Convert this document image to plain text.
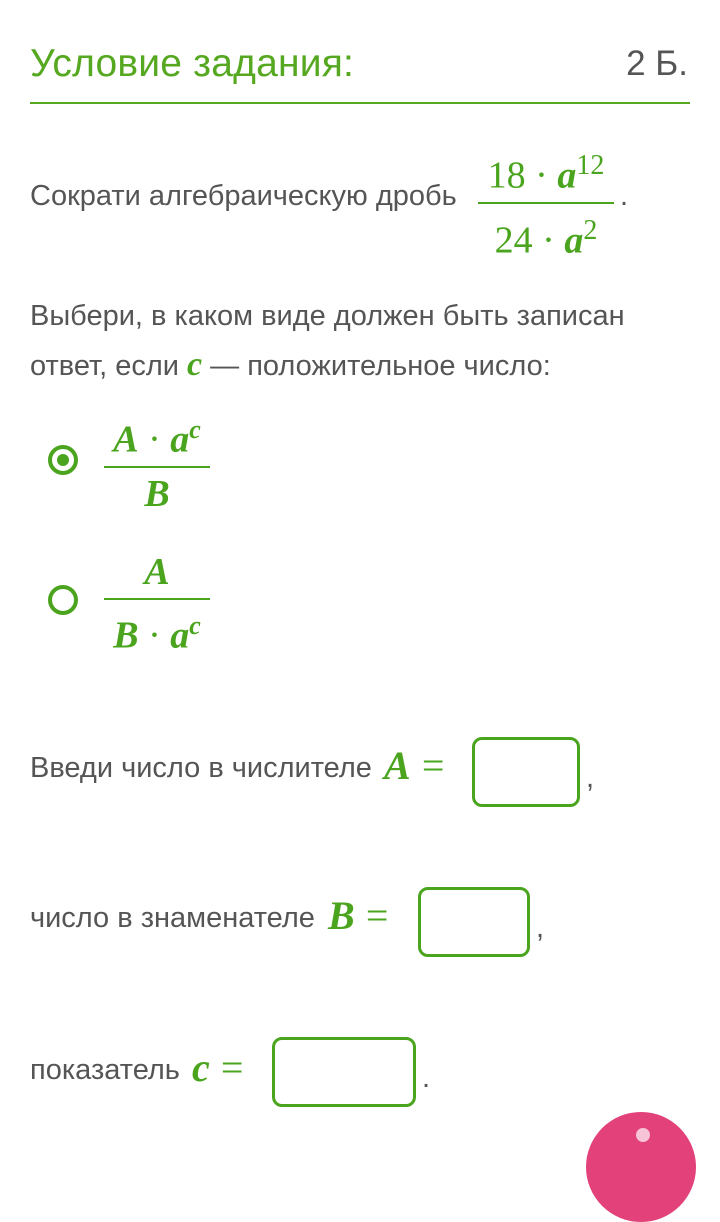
Условие задания:	2 Б.
Сократи алгебраическую дробь $18 \cdot a^{12}$
$24 \cdot a^2$
.
Выбери, в каком виде должен быть записан
ответ, если c — положительное число:
$A \cdot a^c$
B
A
$B \cdot a^c$
Введи число в числителе A =	,
число в знаменателе B =	,
показатель c =	.
